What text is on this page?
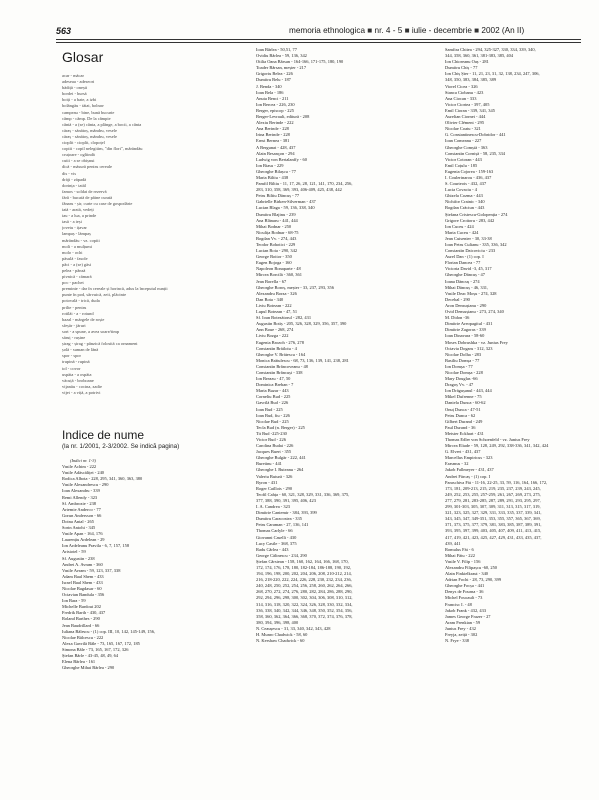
563	memoria ethnologica ■ nr. 4 - 5 ■ iulie - decembrie ■ 2002 (An II)
Glosar
acar - măcar
adeseaa - adeseori
bădiță - onești
bordei - bursă
boiți - a bate, a izbi
bolăngău - tăiat, bolnav
campeau - bine, bună bucurie
câmp - câmp. De la câmpie
cântă - a (se) cânta, a plânge, a bocii, a cânta
căraș - sănătoș, mândru, vesele
căraș - sănătoș, mândru, vesele
cioplit - cioplit, clopoțel
copiii - copil nelegitim, "din flori", mârăndău
cruțoare - ogliindă
cutii - a se obișnui
dică - măsură pentru cereale
dis - vis
drăji - zăpadă
dorința - tatăl
famos - soldat de rezervă
fărâ - bucată de pâine curată
fânaru - șir, curte cu case de gospodărie
iată - arată, vedeți
iau - a lua, a prinde
iasă - a ieși
jovetu - ițavar
lampaș - lămpaș
mârăndău - vz. copiii
moli - a mulțumi
molo - ochi
păsulă - fasole
pâci - a (se) găsi
pelea - pânză
pivnică - cămară
poc - pachet
preminte - dar în cereale și horincă, adus la începutul nunții
punte în pod, sârvuică, zeii, plăcinte
potovală - trică, duda
prilte - pentru
rotilăi - a - rotund
bazal - mărgele de roșie
sfeșăr - jăruri
sort - a spune, a avea soare/timp
săruț - rușine
șirag - șirag - pânzică folosită ca ornament
șolă - suman de lână
spor - spor
trupină - rupină
tol - covor
uspăta - a ospăta
văcuță - broboane
vijanău - cocina, zadie
vijet - a viță, a potrivi
Indice de nume
(la nr. 1/2001, 2-3/2002. Se indică pagina)
(Indici nr. 1-3)
Vasile Achim - 222
Vasile Adăscăliței - 240
Rodica Albota - 228, 295, 341, 360, 363, 380
Vasile Alexandrescu - 290
Ioan Alexandru - 339
Remi Allendy - 323
Sf. Ambrozie - 238
Artemie Anderco - 77
Gorun Andersson - 66
Doina Antal - 265
Sorin Antohi - 345
Vasile Apan - 164, 176
Laurențiu Ardelean - 29
Ion Ardeleanu Pravila - 6, 7, 157, 158
Aristotel - 59
Sf. Augustin - 238
Andrei A. Avram - 360
Vasile Avram - 59, 123, 337, 338
Adam Baal Shem - 433
Israel Baal Shem - 433
Nicolae Bagdasar - 60
Octavian Bandula - 356
Ion Bara - 59
Michelle Bardout 202
Fredrik Barth - 430, 437
Roland Barthes - 290
Jean Baudrillard - 66
Iuliana Bălescu - (1) cop. III, 10, 142, 145-149, 156,
Nicolae Bălcescu - 222
Alexa Gavrilă Bâle - 73, 165, 167, 172, 185
Simona Bâle - 73, 165, 167, 172, 326
Ștefan Bârle - 43-45, 48, 49, 64
Elena Bârlea - 161
Gheorghe Mihai Bârlea - 290
Ioan Bârlea - 50,51, 77
Ovidiu Bârlea - 59, 136, 342
Otilia Oana Bârsan - 164-166, 171-175, 180, 190
Toader Bârsan, meșter - 217
Grigoriu Belea - 226
Dumitru Belu - 187
J. Benda - 340
Ioan Bela - 186
Anuta Benci - 211
Ion Bercea - 226, 230
Berger, episcop - 225
Berger-Levrault, editură - 208
Alexiu Berinde - 222
Ana Berinde - 228
Irina Berinde - 228
Ernst Bernea - 381
A Bergunat - 428, 437
Alain Besançon - 294
Ludwig von Bertalanffy - 60
Ion Biasu - 229
Gheorghe Bilașcu - 77
Maria Biltiu - 438
Pamfil Biltiu - 11, 17, 26, 28, 121, 141, 170, 234, 256,
283, 310, 358, 369, 393, 406-409, 425, 438, 442
Petru Biltiu Dăncuș - 77
Gabrielle Birken-Silverman - 437
Lucian Blaga - 59, 136, 338, 340
Dumitru Blajinu - 239
Ana Blănaru - 441, 444
Mihai Bodnar - 250
Niculița Bodnar - 68-75
Bogdan Vv. - 274, 443
Teodor Bohotici - 229
Lucian Boia - 290, 342
George Boitor - 350
Eugen Bojoga - 160
Napoleon Bonaparte - 48
Mircea Borcilă - 360, 361
Jean Borella - 67
Gheorghe Boroș, meșter - 33, 237, 293, 356
Alexandru Borza - 326
Dan Bota - 340
Liviu Botezan - 222
Lupul Botezan - 47, 51
Sf. Ioan Botezătorul - 282, 431
Augustin Botiș - 205, 326, 328, 329, 356, 357, 390
Ann Boue - 268, 274
Liviu Bozga - 222
Eugenia Brozoh - 276, 278
Constantin Brăiloiu - 4
Gheorghe V. Brătescu - 164
Monica Brătulescu - 68, 73, 136, 139, 141, 238, 281
Constantin Brâncoveanu - 48
Constantin Brâncuși - 338
Ion Breazu - 47, 50
Dominica Breban - 7
Maria Buzar - 443
Corneliu Bud - 225
Gavrilă Bud - 226
Ioan Bud - 225
Ioan Bud, fiu - 226
Nicolae Bud - 225
Tecla Bud (n. Berger) - 225
Tit Bud -225-230
Victor Bud - 226
Carolina Budai - 226
Jacques Buert - 355
Gheorghe Bulgăr - 222, 441
Buretinu - 441
Gheorghe I. Buteanu - 264
Valeriu Butură - 326
Byron - 431
Roger Caillois - 290
Teofil Cahța - 60, 321, 328, 329, 331, 336, 369, 375,
377, 388, 390, 391, 395, 406, 423
I. A. Candrea - 323
Dimitrie Cantemir - 384, 393, 399
Dumitru Caracostea - 335
Petru Caraman - 27, 136, 141
Thomas Carlyle - 66
Giovanni Caselli - 430
Lucy Castle - 368, 375
Radu Cârlea - 443
George Călinescu - 234, 290
Ștefan Cârstean - 158, 160, 162, 164, 166, 168, 170,
172, 174, 176, 178, 180, 182-184, 186-188, 190, 192,
194, 196, 198, 200, 202, 204, 206, 208, 210-212, 214,
216, 218-220, 222, 224, 226, 228, 230, 232, 234, 236,
240, 248, 250, 252, 254, 256, 258, 260, 262, 264, 266,
268, 270, 272, 274, 276, 280, 282, 284, 286, 288, 290,
292, 294, 296, 298, 300, 302, 304, 306, 308, 310, 312,
314, 316, 318, 320, 322, 324, 326, 328, 330, 332, 334,
336, 338, 340, 342, 344, 346, 348, 350, 352, 354, 356,
358, 360, 362, 364, 366, 368, 370, 372, 374, 376, 378,
380, 394, 396, 398, 400
N. Ceaușescu - 31, 33, 340, 342, 343, 428
H. Munro Chadwick - 58, 60
N. Kershaw Chadwick - 60
Samfira Chitea - 294, 325-327, 330, 334, 339, 340,
344, 358, 360, 361, 381-383, 385, 404
Ion Chioreanu Oaș - 281
Dumitru Chiș - 77
Ion Chiș Șter - 11, 21, 23, 31, 32, 138, 234, 247, 306,
348, 350, 383, 384, 385, 389
Viorel Cicea - 326
Stanca Ciobanu - 423
Ana Ciocan - 333
Victor Ciortea - 397, 405
Emil Cioran - 339, 341, 345
Aurelian Ciornei - 444
Olivier Clément - 295
Nicolae Coatu - 321
G. Constantinescu-Dobridor - 441
Ioan Comeanu - 227
Gheorghe Comșiă - 363
Constantin Cornișă - 58, 235, 334
Victor Cotoran - 443
Emil Coțulu - 185
Eugenia Cojorea - 159-163
I. Coulerinarou - 436, 437
S. Courteois - 432, 437
Lucia Covaciu - 4
Ghizela Cozma - 443
Nichifor Crainic - 340
Bogdan Crăciun - 443
Ștefana Cristescu-Golopenția - 274
Grigore Croitoru - 283, 442
Ion Cuceu - 424
Maria Cuceu - 424
Jean Cuisenier - 30, 33-38
Ioan Petru Culianu - 335, 336, 342
Constantin Daicoviciu - 233
Aurel Dan - (1) cop. I
Florian Dancea - 77
Victoria David -3, 45, 317
Gheorghe Dăncuș - 47
Ioana Dăncuș - 274
Mihai Dăncuș - 46, 331,
Vasile Deac Moșu - 274, 328
Decebal - 290
Aron Densușianu - 290
Ovid Densușianu - 273, 274, 340
M. Didon -36
Dimitrie Areopagitul - 431
Dimitrie Zagoras - 339
Ioan Dinavara - 58-60
Moses Dobrushka - vz. Junius Frey
Octavia Dogaru - 312, 323
Nicolae Dolha - 283
Basiliu Domșa - 77
Ion Domșa - 77
Nicolae Domșa - 228
Mary Douglas -66
Dragoș Vv. - 47
Ion Drăgușanul - 443, 444
Mikel Dufrenne - 75
Daniela Dunca - 60-62
Onuț Dunca - 47-51
Petru Dunca - 62
Gilbert Durand - 249
Paul Durand - 36
Meister Eckhart - 431
Thomas Edler von Schoenfeld - vz. Junius Frey
Mircea Eliade - 59, 128, 249, 292, 338-336, 341, 342, 424
G. Elvert - 431, 437
Marcellus Empiricus - 323
Erasmus - 32
Jakob Fallmeyer - 431, 437
Andrei Fărcaș - (1) cop. I
Paraschiva Făt - 11-16, 22-25, 33, 59, 116, 164, 166, 172,
173, 181, 209-213, 215, 219, 235, 237, 239, 243, 245,
249, 252, 253, 255, 257-259, 261, 267, 269, 273, 275,
277, 279, 281, 283-285, 287, 289, 291, 293, 295, 297,
299, 301-303, 305, 307, 309, 311, 313, 315, 317, 319,
321, 323, 325, 327, 329, 331, 333, 335, 337, 339, 341,
343, 345, 347, 349-351, 353, 355, 357, 365, 367, 369,
371, 373, 375, 377, 379, 381, 383, 385, 387, 389, 391,
393, 395, 397, 399, 403, 405, 407, 409, 411, 413, 415,
417, 419, 421, 423, 425, 427, 429, 431, 433, 435, 437,
439, 441
Romulus Făt - 6
Mihai Fătu - 222
Vasile V. Filip - 156
Alexandru Filipașcu -60, 250
Alain Finkielkraut - 340
Adrian Fochi - 28, 73, 290, 399
Gheorghe Focșa - 441
Denys de Fourna - 36
Michel Foucault - 73
Francisc I. - 48
Jakob Frank - 432, 433
James George Frazer - 27
Aram Frenkian - 59
Junius Frey - 432
Freyja, zeiță - 302
N. Frye - 338
